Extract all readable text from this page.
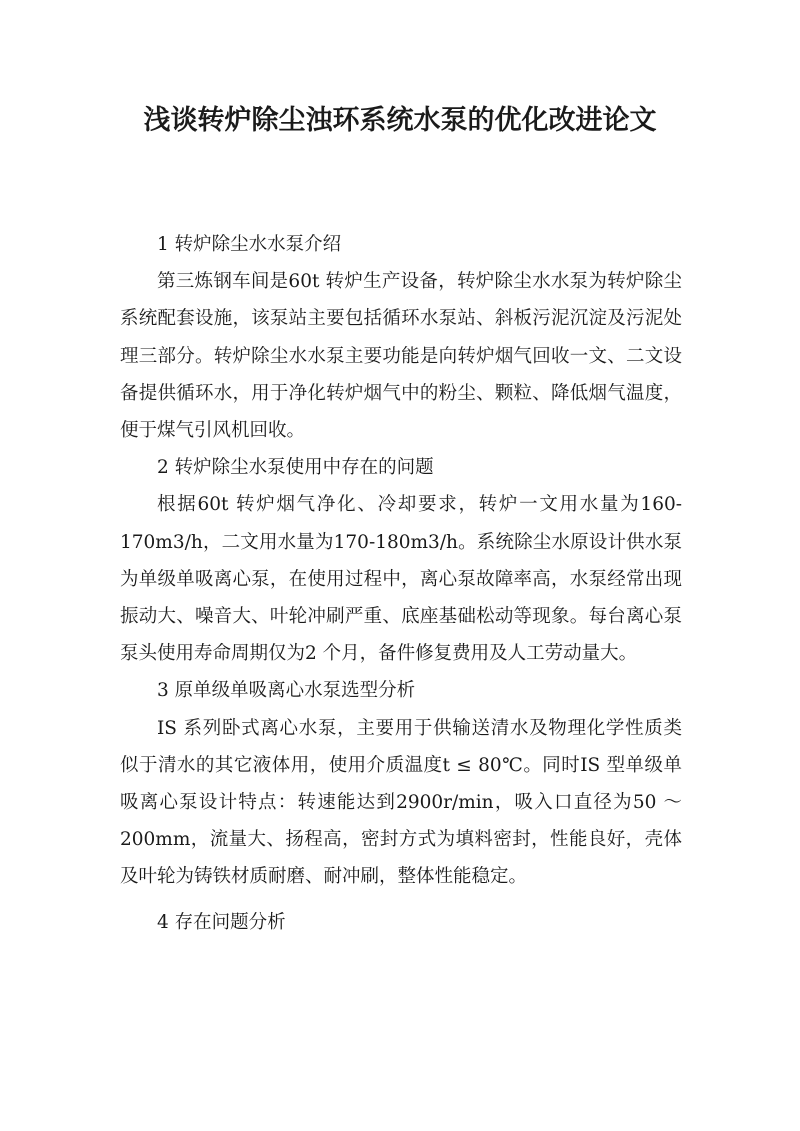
浅谈转炉除尘浊环系统水泵的优化改进论文

1 转炉除尘水水泵介绍

第三炼钢车间是60t 转炉生产设备，转炉除尘水水泵为转炉除尘系统配套设施，该泵站主要包括循环水泵站、斜板污泥沉淀及污泥处理三部分。转炉除尘水水泵主要功能是向转炉烟气回收一文、二文设备提供循环水，用于净化转炉烟气中的粉尘、颗粒、降低烟气温度，便于煤气引风机回收。

2 转炉除尘水泵使用中存在的问题

根据60t 转炉烟气净化、冷却要求，转炉一文用水量为160-170m3/h，二文用水量为170-180m3/h。系统除尘水原设计供水泵为单级单吸离心泵，在使用过程中，离心泵故障率高，水泵经常出现振动大、噪音大、叶轮冲刷严重、底座基础松动等现象。每台离心泵泵头使用寿命周期仅为2 个月，备件修复费用及人工劳动量大。

3 原单级单吸离心水泵选型分析

IS 系列卧式离心水泵，主要用于供输送清水及物理化学性质类似于清水的其它液体用，使用介质温度t ≤ 80℃。同时IS 型单级单吸离心泵设计特点：转速能达到2900r/min，吸入口直径为50 ～ 200mm，流量大、扬程高，密封方式为填料密封，性能良好，壳体及叶轮为铸铁材质耐磨、耐冲刷，整体性能稳定。

4 存在问题分析
